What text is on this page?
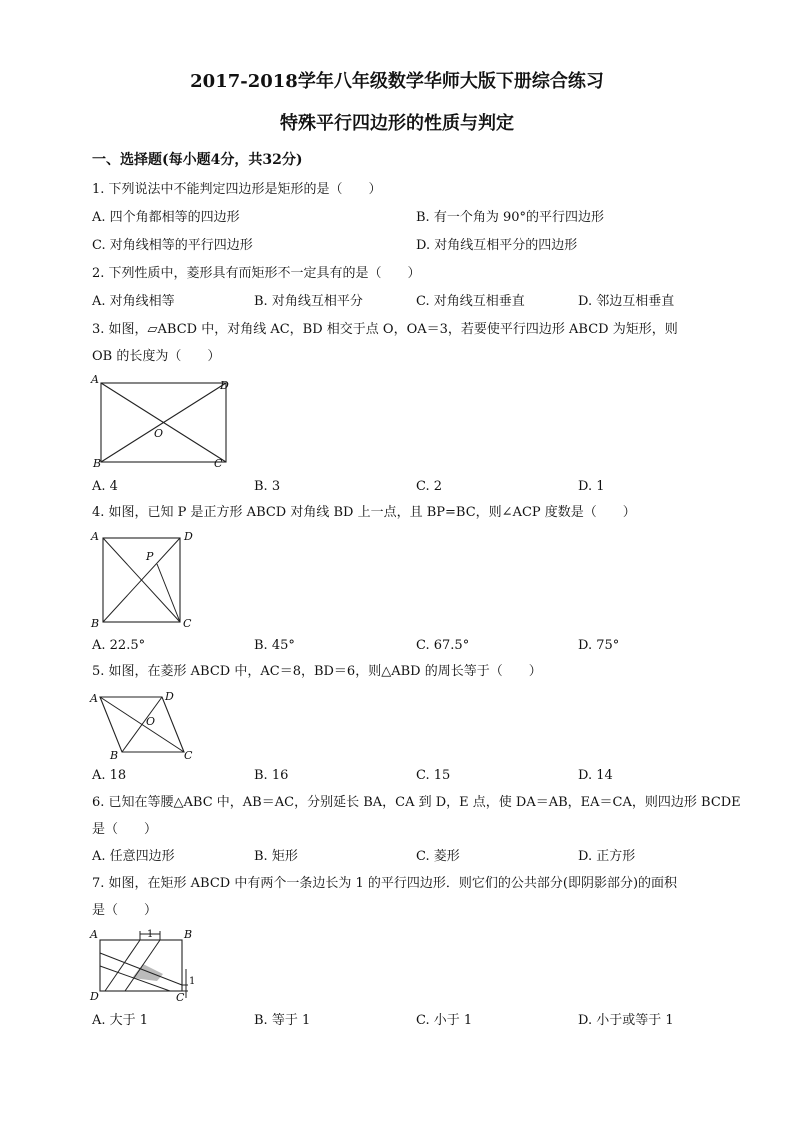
2017-2018学年八年级数学华师大版下册综合练习
特殊平行四边形的性质与判定
一、选择题(每小题4分，共32分)
1. 下列说法中不能判定四边形是矩形的是（　　）
A. 四个角都相等的四边形	B. 有一个角为 90°的平行四边形
C. 对角线相等的平行四边形	D. 对角线互相平分的四边形
2. 下列性质中，菱形具有而矩形不一定具有的是（　　）
A. 对角线相等	B. 对角线互相平分	C. 对角线互相垂直	D. 邻边互相垂直
3. 如图，▱ABCD 中，对角线 AC，BD 相交于点 O，OA＝3，若要使平行四边形 ABCD 为矩形，则
OB 的长度为（　　）
A	D
B	C
O
A. 4	B. 3	C. 2	D. 1
4. 如图，已知 P 是正方形 ABCD 对角线 BD 上一点，且 BP=BC，则∠ACP 度数是（　　）
A	D
B	C
P
A. 22.5°	B. 45°	C. 67.5°	D. 75°
5. 如图，在菱形 ABCD 中，AC＝8，BD＝6，则△ABD 的周长等于（　　）
A	D
B	C
O
A. 18	B. 16	C. 15	D. 14
6. 已知在等腰△ABC 中，AB＝AC，分别延长 BA，CA 到 D，E 点，使 DA＝AB，EA＝CA，则四边形 BCDE
是（　　）
A. 任意四边形	B. 矩形	C. 菱形	D. 正方形
7. 如图，在矩形 ABCD 中有两个一条边长为 1 的平行四边形．则它们的公共部分(即阴影部分)的面积
是（　　）
A	B
D	C
1
1
A. 大于 1	B. 等于 1	C. 小于 1	D. 小于或等于 1
